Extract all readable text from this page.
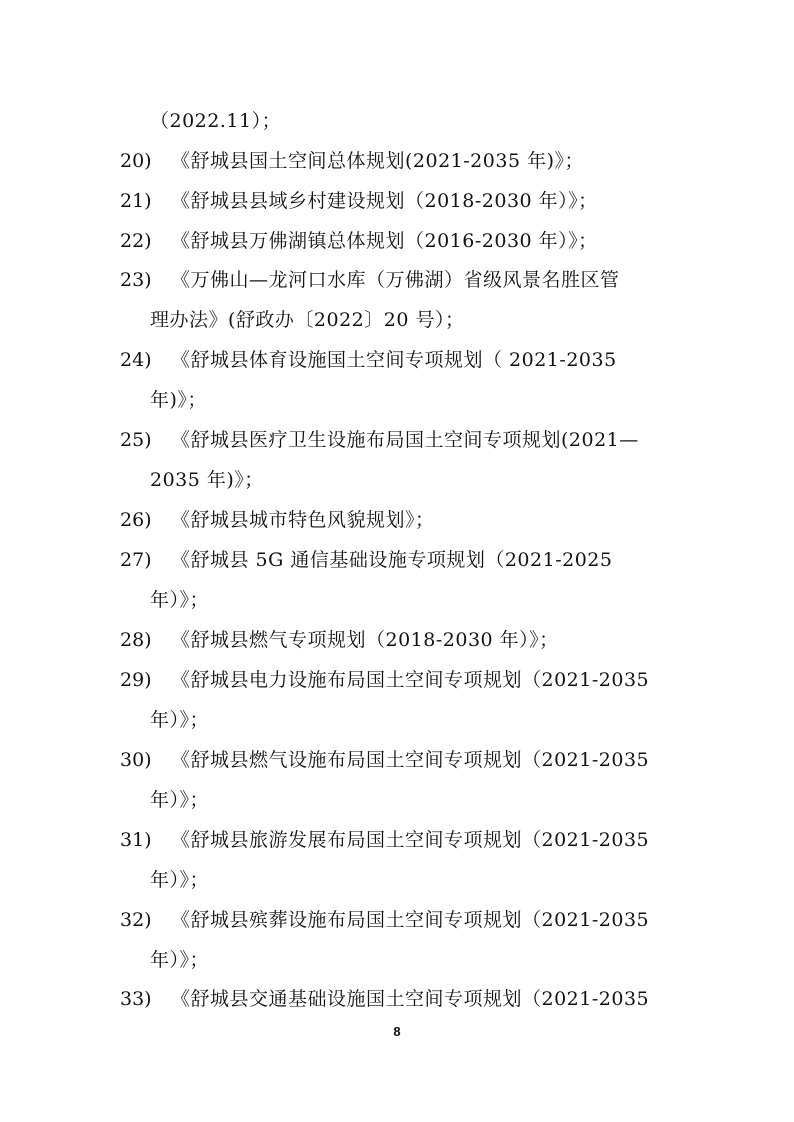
（2022.11）；
20) 《舒城县国土空间总体规划(2021-2035 年)》；
21) 《舒城县县域乡村建设规划（2018-2030 年）》；
22) 《舒城县万佛湖镇总体规划（2016-2030 年）》；
23) 《万佛山—龙河口水库（万佛湖）省级风景名胜区管
理办法》(舒政办〔2022〕20 号）；
24) 《舒城县体育设施国土空间专项规划（ 2021-2035
年)》；
25) 《舒城县医疗卫生设施布局国土空间专项规划(2021—
2035 年)》；
26) 《舒城县城市特色风貌规划》；
27) 《舒城县 5G 通信基础设施专项规划（2021-2025
年）》；
28) 《舒城县燃气专项规划（2018-2030 年）》；
29) 《舒城县电力设施布局国土空间专项规划（2021-2035
年）》；
30) 《舒城县燃气设施布局国土空间专项规划（2021-2035
年）》；
31) 《舒城县旅游发展布局国土空间专项规划（2021-2035
年）》；
32) 《舒城县殡葬设施布局国土空间专项规划（2021-2035
年）》；
33) 《舒城县交通基础设施国土空间专项规划（2021-2035
8
